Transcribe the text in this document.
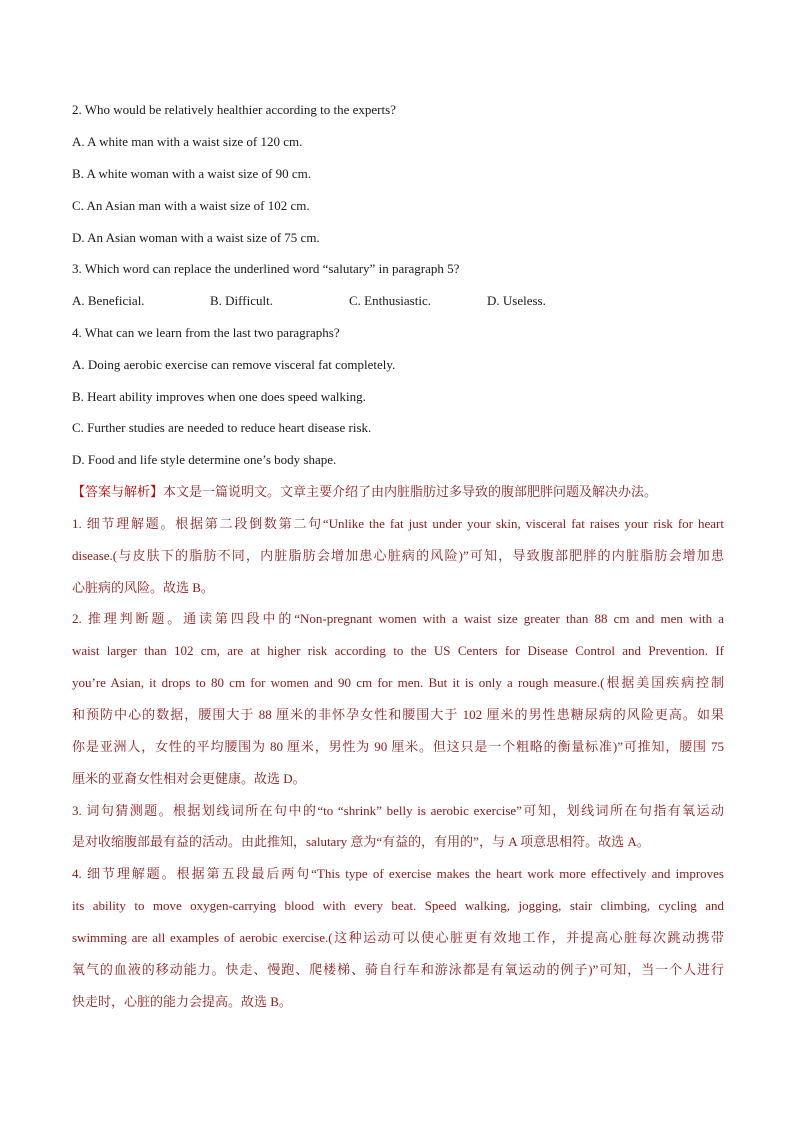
2. Who would be relatively healthier according to the experts?
A. A white man with a waist size of 120 cm.
B. A white woman with a waist size of 90 cm.
C. An Asian man with a waist size of 102 cm.
D. An Asian woman with a waist size of 75 cm.
3. Which word can replace the underlined word “salutary” in paragraph 5?
A. Beneficial.	B. Difficult.	C. Enthusiastic.	D. Useless.
4. What can we learn from the last two paragraphs?
A. Doing aerobic exercise can remove visceral fat completely.
B. Heart ability improves when one does speed walking.
C. Further studies are needed to reduce heart disease risk.
D. Food and life style determine one’s body shape.
【答案与解析】本文是一篇说明文。文章主要介绍了由内脏脂肪过多导致的腹部肥胖问题及解决办法。
1. 细节理解题。根据第二段倒数第二句“Unlike the fat just under your skin, visceral fat raises your risk for heart
disease.(与皮肤下的脂肪不同，内脏脂肪会增加患心脏病的风险)”可知，导致腹部肥胖的内脏脂肪会增加患
心脏病的风险。故选 B。
2. 推理判断题。通读第四段中的“Non-pregnant women with a waist size greater than 88 cm and men with a
waist larger than 102 cm, are at higher risk according to the US Centers for Disease Control and Prevention. If
you’re Asian, it drops to 80 cm for women and 90 cm for men. But it is only a rough measure.(根据美国疾病控制
和预防中心的数据，腰围大于 88 厘米的非怀孕女性和腰围大于 102 厘米的男性患糖尿病的风险更高。如果
你是亚洲人，女性的平均腰围为 80 厘米，男性为 90 厘米。但这只是一个粗略的衡量标准)”可推知，腰围 75
厘米的亚裔女性相对会更健康。故选 D。
3. 词句猜测题。根据划线词所在句中的“to “shrink” belly is aerobic exercise”可知，划线词所在句指有氧运动
是对收缩腹部最有益的活动。由此推知，salutary 意为“有益的，有用的”，与 A 项意思相符。故选 A。
4. 细节理解题。根据第五段最后两句“This type of exercise makes the heart work more effectively and improves
its ability to move oxygen-carrying blood with every beat. Speed walking, jogging, stair climbing, cycling and
swimming are all examples of aerobic exercise.(这种运动可以使心脏更有效地工作，并提高心脏每次跳动携带
氧气的血液的移动能力。快走、慢跑、爬楼梯、骑自行车和游泳都是有氧运动的例子)”可知，当一个人进行
快走时，心脏的能力会提高。故选 B。
